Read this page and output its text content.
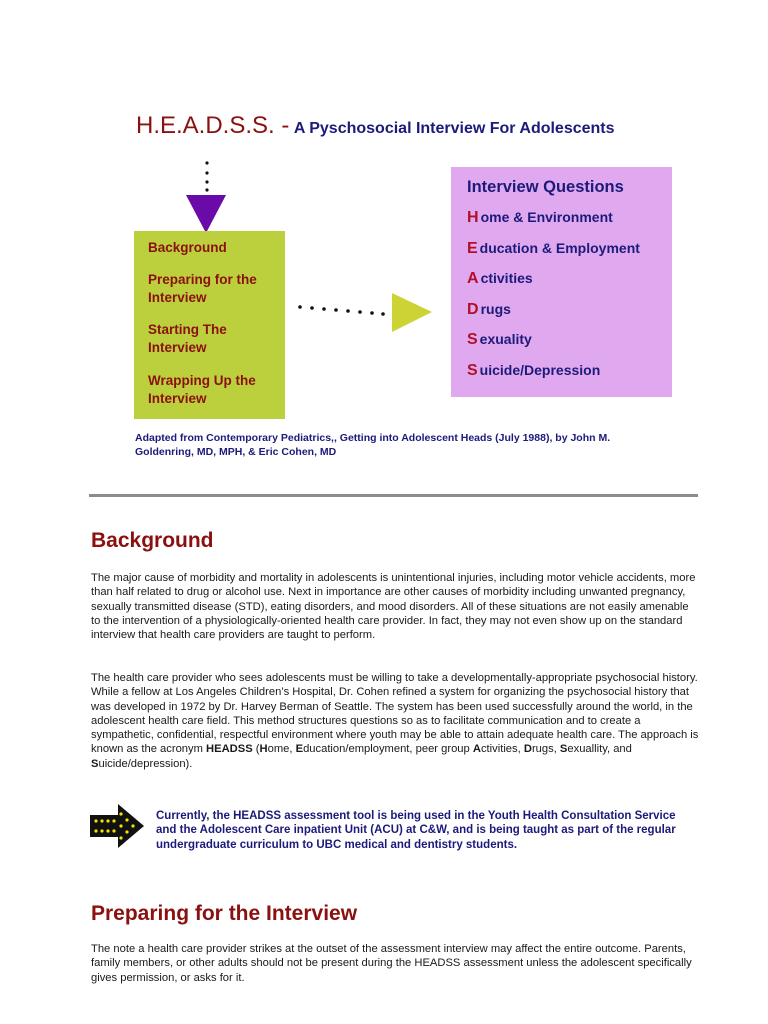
H.E.A.D.S.S. - A Pyschosocial Interview For Adolescents
Background
Preparing for the Interview
Starting The Interview
Wrapping Up the Interview
Interview Questions
H ome & Environment
E ducation & Employment
A ctivities
D rugs
S exuality
S uicide/Depression
Adapted from Contemporary Pediatrics,, Getting into Adolescent Heads (July 1988), by John M. Goldenring, MD, MPH, & Eric Cohen, MD
Background
The major cause of morbidity and mortality in adolescents is unintentional injuries, including motor vehicle accidents, more than half related to drug or alcohol use. Next in importance are other causes of morbidity including unwanted pregnancy, sexually transmitted disease (STD), eating disorders, and mood disorders. All of these situations are not easily amenable to the intervention of a physiologically-oriented health care provider. In fact, they may not even show up on the standard interview that health care providers are taught to perform.
The health care provider who sees adolescents must be willing to take a developmentally-appropriate psychosocial history. While a fellow at Los Angeles Children’s Hospital, Dr. Cohen refined a system for organizing the psychosocial history that was developed in 1972 by Dr. Harvey Berman of Seattle. The system has been used successfully around the world, in the adolescent health care field. This method structures questions so as to facilitate communication and to create a sympathetic, confidential, respectful environment where youth may be able to attain adequate health care. The approach is known as the acronym HEADSS (Home, Education/employment, peer group Activities, Drugs, Sexuallity, and Suicide/depression).
Currently, the HEADSS assessment tool is being used in the Youth Health Consultation Service and the Adolescent Care inpatient Unit (ACU) at C&W, and is being taught as part of the regular undergraduate curriculum to UBC medical and dentistry students.
Preparing for the Interview
The note a health care provider strikes at the outset of the assessment interview may affect the entire outcome. Parents, family members, or other adults should not be present during the HEADSS assessment unless the adolescent specifically gives permission, or asks for it.
